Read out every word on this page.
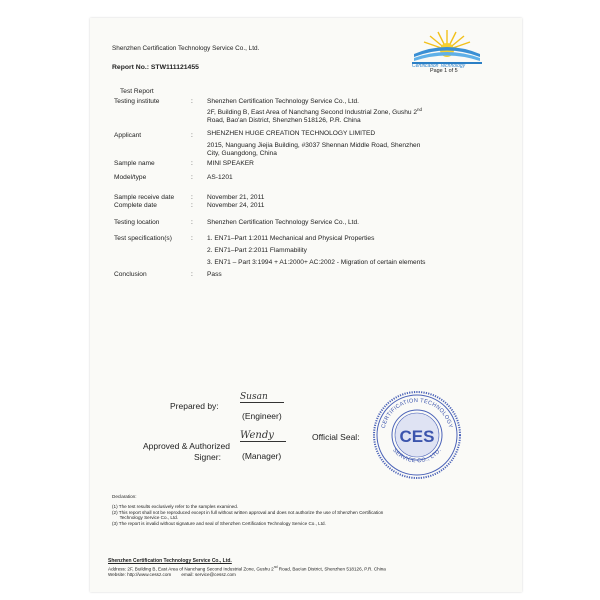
Shenzhen Certification Technology Service Co., Ltd.
Report No.: STW111121455	Certification Technology
Page 1 of 5
Test Report
Testing institute	: Shenzhen Certification Technology Service Co., Ltd.
2F, Building B, East Area of Nanchang Second Industrial Zone, Gushu 2nd
Road, Bao'an District, Shenzhen 518126, P.R. China
Applicant	: SHENZHEN HUGE CREATION TECHNOLOGY LIMITED
2015, Nanguang Jiejia Building, #3037 Shennan Middle Road, Shenzhen
City, Guangdong, China
Sample name	: MINI SPEAKER
Model/type	: AS-1201
Sample receive date	: November 21, 2011
Complete date	: November 24, 2011
Testing location	: Shenzhen Certification Technology Service Co., Ltd.
Test specification(s)	: 1. EN71–Part 1:2011 Mechanical and Physical Properties
2. EN71–Part 2:2011 Flammability
3. EN71 – Part 3:1994 + A1:2000+ AC:2002 - Migration of certain elements
Conclusion	: Pass
Prepared by:
Susan
(Engineer)
Approved & Authorized
Signer:
Wendy
(Manager)
Official Seal:
CERTIFICATION TECHNOLOGY
SERVICE CO., LTD.
CES
Declaration:
(1) The test results exclusively refer to the samples examined.
(2) This report shall not be reproduced except in full without written approval and does not authorize the use of Shenzhen Certification
Technology Service Co., Ltd.
(3) The report is invalid without signature and seal of Shenzhen Certification Technology Service Co., Ltd.
Shenzhen Certification Technology Service Co., Ltd.
Address: 2F, Building B, East Area of Nanchang Second Industrial Zone, Gushu 2nd Road, Bao'an District, Shenzhen 518126, P.R. China
Website: http://www.cessz.com        email: service@cessz.com
